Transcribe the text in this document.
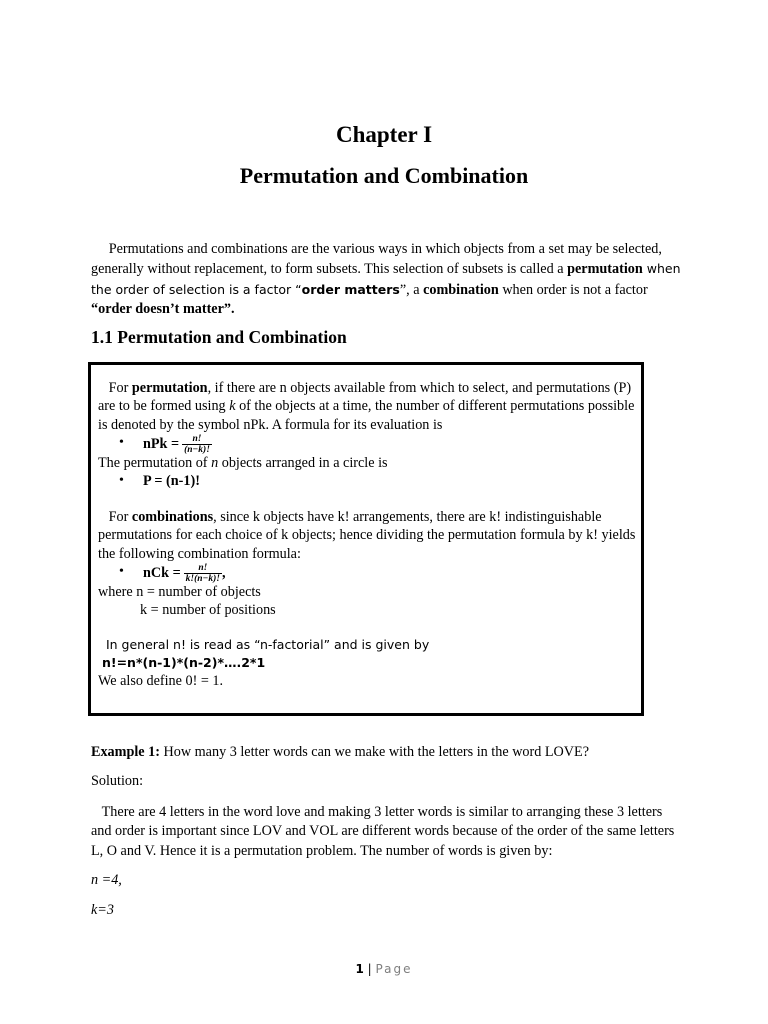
Chapter I
Permutation and Combination
Permutations and combinations are the various ways in which objects from a set may be selected, generally without replacement, to form subsets. This selection of subsets is called a permutation when the order of selection is a factor “order matters”, a combination when order is not a factor “order doesn’t matter”.
1.1 Permutation and Combination
For permutation, if there are n objects available from which to select, and permutations (P) are to be formed using k of the objects at a time, the number of different permutations possible is denoted by the symbol nPk. A formula for its evaluation is
• nPk = $\frac{n!}{(n-k)!}$
The permutation of n objects arranged in a circle is
• P = (n-1)!
For combinations, since k objects have k! arrangements, there are k! indistinguishable permutations for each choice of k objects; hence dividing the permutation formula by k! yields the following combination formula:
• nCk = $\frac{n!}{k!(n-k)!}$ ,
where n = number of objects
k = number of positions
In general n! is read as “n-factorial” and is given by
n!=n*(n-1)*(n-2)*….2*1
We also define 0! = 1.
Example 1: How many 3 letter words can we make with the letters in the word LOVE?
Solution:
There are 4 letters in the word love and making 3 letter words is similar to arranging these 3 letters and order is important since LOV and VOL are different words because of the order of the same letters L, O and V. Hence it is a permutation problem. The number of words is given by:
n =4,
k=3
1 | Page
